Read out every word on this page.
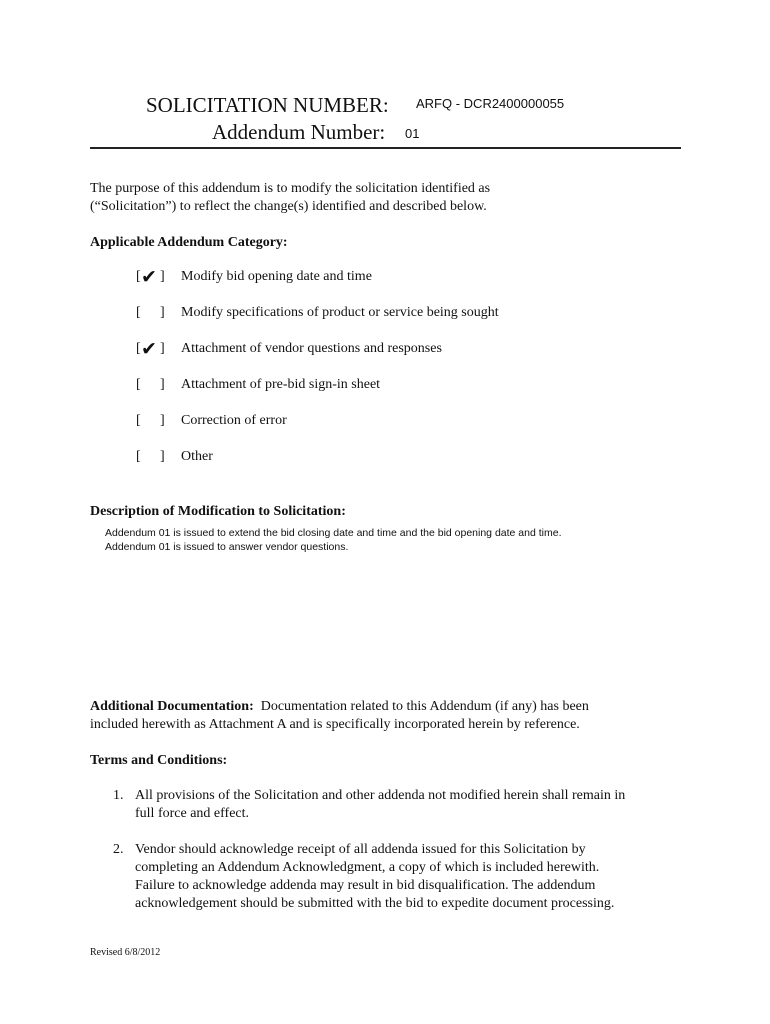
SOLICITATION NUMBER: ARFQ - DCR2400000055
Addendum Number: 01
The purpose of this addendum is to modify the solicitation identified as
(“Solicitation”) to reflect the change(s) identified and described below.
Applicable Addendum Category:
[ ✔ ] Modify bid opening date and time
[ ] Modify specifications of product or service being sought
[ ✔ ] Attachment of vendor questions and responses
[ ] Attachment of pre-bid sign-in sheet
[ ] Correction of error
[ ] Other
Description of Modification to Solicitation:
Addendum 01 is issued to extend the bid closing date and time and the bid opening date and time.
Addendum 01 is issued to answer vendor questions.
Additional Documentation: Documentation related to this Addendum (if any) has been
included herewith as Attachment A and is specifically incorporated herein by reference.
Terms and Conditions:
1. All provisions of the Solicitation and other addenda not modified herein shall remain in
full force and effect.
2. Vendor should acknowledge receipt of all addenda issued for this Solicitation by
completing an Addendum Acknowledgment, a copy of which is included herewith.
Failure to acknowledge addenda may result in bid disqualification. The addendum
acknowledgement should be submitted with the bid to expedite document processing.
Revised 6/8/2012
